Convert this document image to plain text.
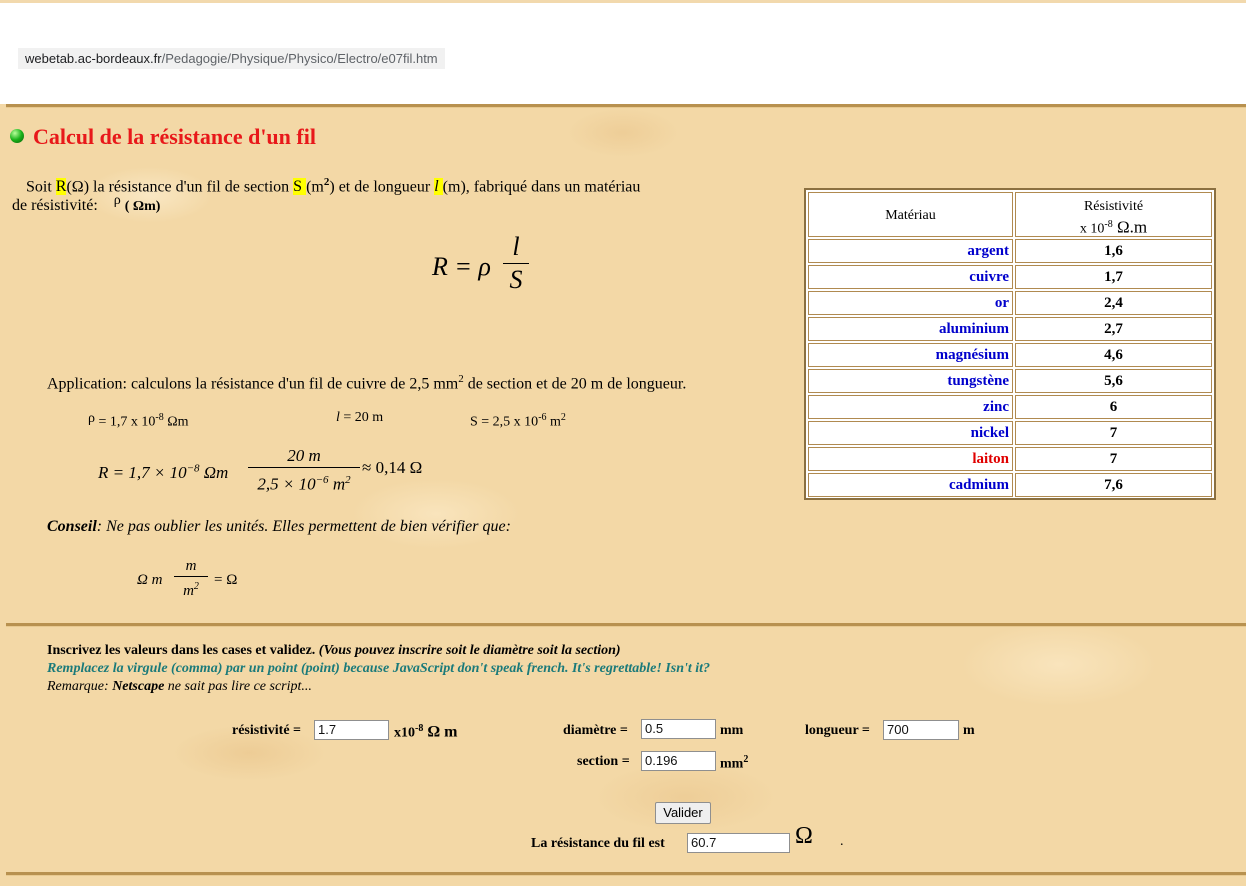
webetab.ac-bordeaux.fr/Pedagogie/Physique/Physico/Electro/e07fil.htm
Calcul de la résistance d'un fil
Soit R(Ω) la résistance d'un fil de section S $(m^2)$ et de longueur l (m), fabriqué dans un matériau
de résistivité: ρ ( Ωm)
R = ρ
l
S
Application: calculons la résistance d'un fil de cuivre de 2,5 $mm^2$ de section et de 20 m de longueur.
ρ = 1,7 x $10^{-8}$ Ωm	l = 20 m	S = 2,5 x $10^{-6}$ $m^2$
$R = 1,7 \times 10^{-8}$ Ωm
20 m
$2,5 \times 10^{-6}$ $m^2$
≈ 0,14 Ω
Conseil: Ne pas oublier les unités. Elles permettent de bien vérifier que:
Ω m
m
$m^2$	= Ω
Matériau
Résistivité
x $10^{-8}$ Ω.m
argent	1,6
cuivre	1,7
or	2,4
aluminium	2,7
magnésium	4,6
tungstène	5,6
zinc	6
nickel	7
laiton	7
cadmium	7,6
Inscrivez les valeurs dans les cases et validez. (Vous pouvez inscrire soit le diamètre soit la section)
Remplacez la virgule (comma) par un point (point) because JavaScript don't speak french. It's regrettable! Isn't it?
Remarque: Netscape ne sait pas lire ce script...
résistivité =	1.7	$x10^{-8}$ Ω m	diamètre =	0.5	mm	longueur =	700	m
section =	0.196	$mm^2$
Valider
La résistance du fil est	60.7	Ω .
